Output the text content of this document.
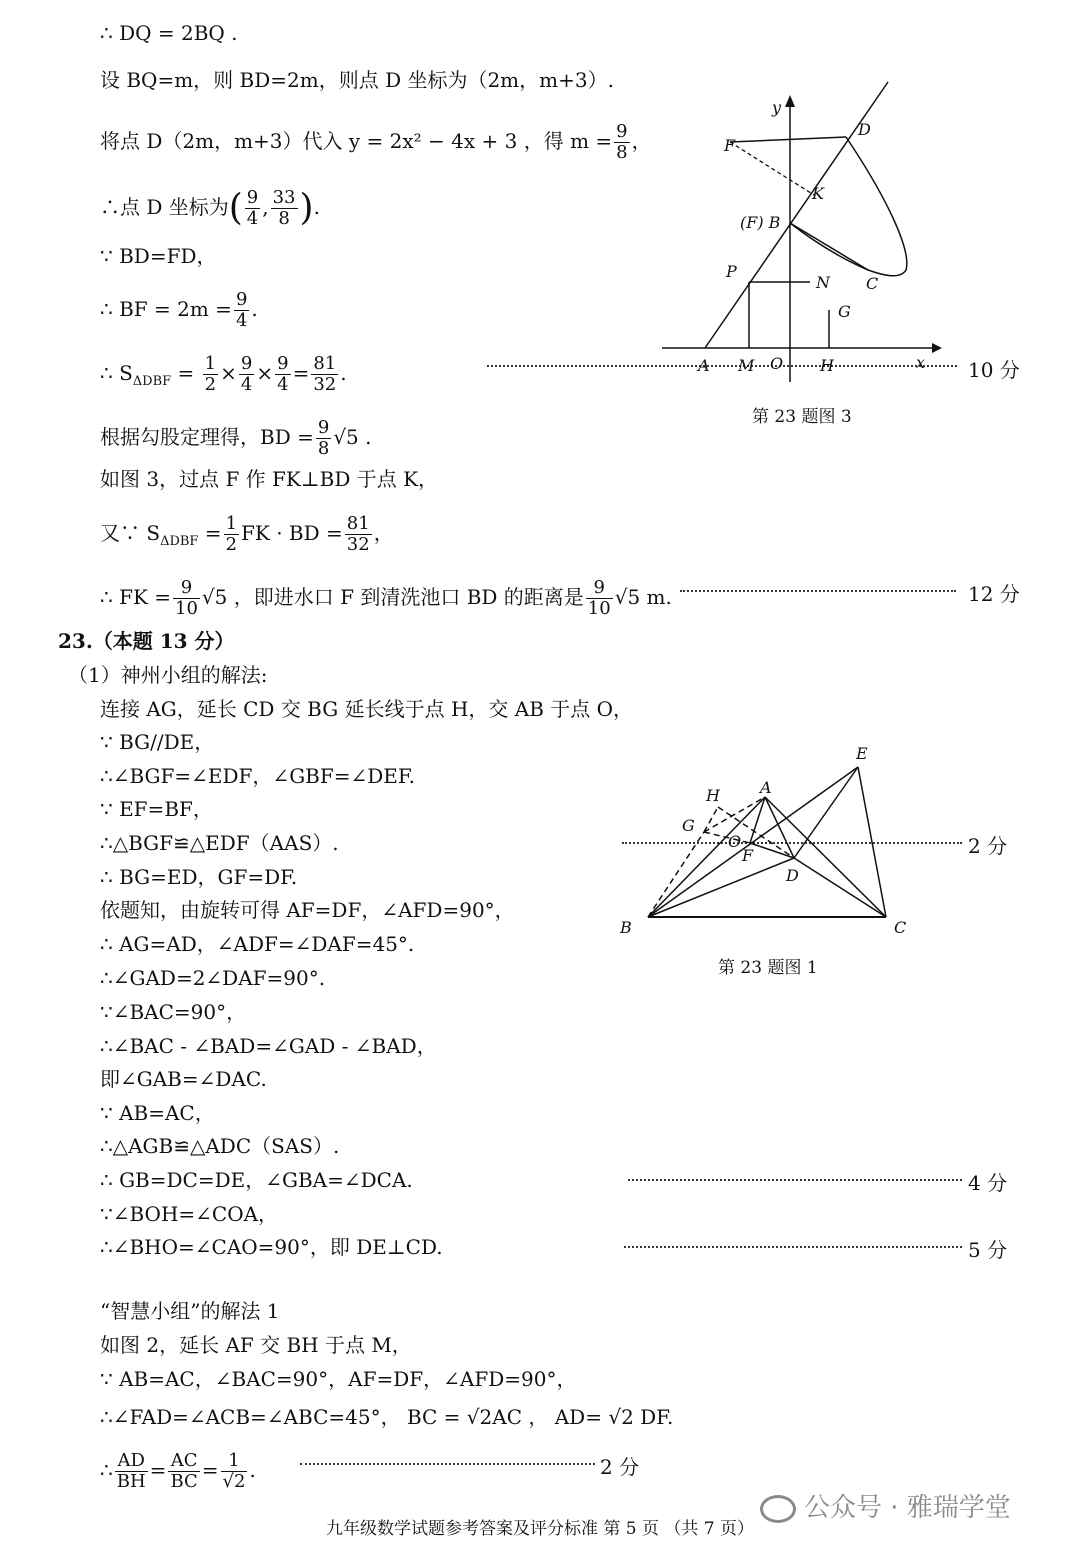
∴ DQ = 2BQ .
设 BQ=m，则 BD=2m，则点 D 坐标为（2m，m+3）.
将点 D（2m，m+3）代入 y = 2x² − 4x + 3 ，得 $m = \frac{9}{8}$ ，
∴点 D 坐标为( $\frac{9}{4}$ , $\frac{33}{8}$ ).
∵ BD=FD，
∴ BF = $2m = \frac{9}{4}$ .
∴ $S_{\Delta DBF} = \frac{1}{2} \times \frac{9}{4} \times \frac{9}{4} = \frac{81}{32}$ .	10 分
根据勾股定理得，BD = $\frac{9}{8} √5$ .
如图 3，过点 F 作 FK⊥BD 于点 K，
又∵ $S_{\Delta DBF} = \frac{1}{2}$ FK · BD = $\frac{81}{32}$ ，
∴ FK = $\frac{9}{10} √5$ ，即进水口 F 到清洗池口 BD 的距离是 $\frac{9}{10} √5$ m.	12 分
y
x
D
F
K
(F) B
P
N C
G
A M O H
第 23 题图 3
23.（本题 13 分）
（1）神州小组的解法:
连接 AG，延长 CD 交 BG 延长线于点 H，交 AB 于点 O，
∵ BG//DE，
∴∠BGF=∠EDF，∠GBF=∠DEF.
∵ EF=BF，
∴△BGF≌△EDF（AAS）.
∴ BG=ED，GF=DF.
依题知，由旋转可得 AF=DF，∠AFD=90°，
∴ AG=AD，∠ADF=∠DAF=45°.
∴∠GAD=2∠DAF=90°.
∵∠BAC=90°，
∴∠BAC - ∠BAD=∠GAD - ∠BAD，
即∠GAB=∠DAC.
∵ AB=AC，
∴△AGB≌△ADC（SAS）.
∴ GB=DC=DE，∠GBA=∠DCA.
∵∠BOH=∠COA，
∴∠BHO=∠CAO=90°，即 DE⊥CD.
2 分
4 分
5 分
E
H	A
G
O
F
D
B	C
第 23 题图 1
“智慧小组”的解法 1
如图 2，延长 AF 交 BH 于点 M，
∵ AB=AC，∠BAC=90°，AF=DF，∠AFD=90°，
∴∠FAD=∠ACB=∠ABC=45°， BC = √2AC ， AD= √2 DF.
∴ $\frac{AD}{BH} = \frac{AC}{BC} = \frac{1}{√2}$ .	2 分
公众号 · 雅瑞学堂
九年级数学试题参考答案及评分标准 第 5 页 （共 7 页）
